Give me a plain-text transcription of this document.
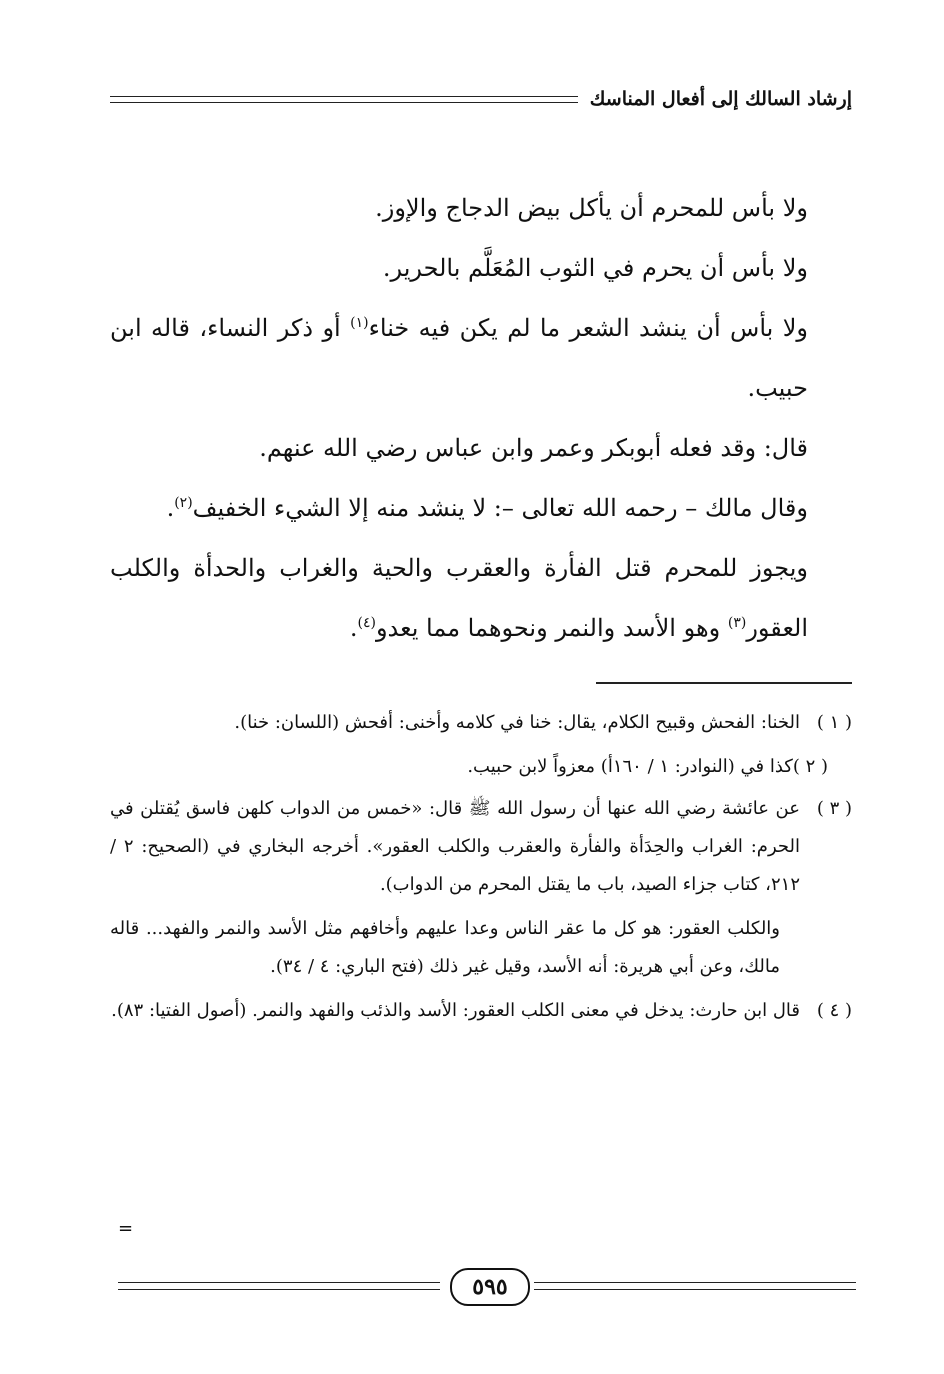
إرشاد السالك إلى أفعال المناسك

ولا بأس للمحرم أن يأكل بيض الدجاج والإوز.

ولا بأس أن يحرم في الثوب المُعَلَّم بالحرير.

ولا بأس أن ينشد الشعر ما لم يكن فيه خناء$^{(١)}$ أو ذكر النساء، قاله ابن حبيب.

قال: وقد فعله أبوبكر وعمر وابن عباس رضي الله عنهم.

وقال مالك – رحمه الله تعالى –: لا ينشد منه إلا الشيء الخفيف$^{(٢)}$.

ويجوز للمحرم قتل الفأرة والعقرب والحية والغراب والحدأة والكلب العقور$^{(٣)}$ وهو الأسد والنمر ونحوهما مما يعدو$^{(٤)}$.

( ١ )
الخنا: الفحش وقبيح الكلام، يقال: خنا في كلامه وأخنى: أفحش (اللسان: خنا).

( ٢ )كذا في (النوادر: ١ / ١٦٠أ) معزواً لابن حبيب.

( ٣ )
عن عائشة رضي الله عنها أن رسول الله ﷺ قال: «خمس من الدواب كلهن فاسق يُقتلن في الحرم: الغراب والحِدَأة والفأرة والعقرب والكلب العقور». أخرجه البخاري في (الصحيح: ٢ / ٢١٢، كتاب جزاء الصيد، باب ما يقتل المحرم من الدواب).

والكلب العقور: هو كل ما عقر الناس وعدا عليهم وأخافهم مثل الأسد والنمر والفهد... قاله مالك، وعن أبي هريرة: أنه الأسد، وقيل غير ذلك (فتح الباري: ٤ / ٣٤).

( ٤ )
قال ابن حارث: يدخل في معنى الكلب العقور: الأسد والذئب والفهد والنمر. (أصول الفتيا: ٨٣).
=
٥٩٥
